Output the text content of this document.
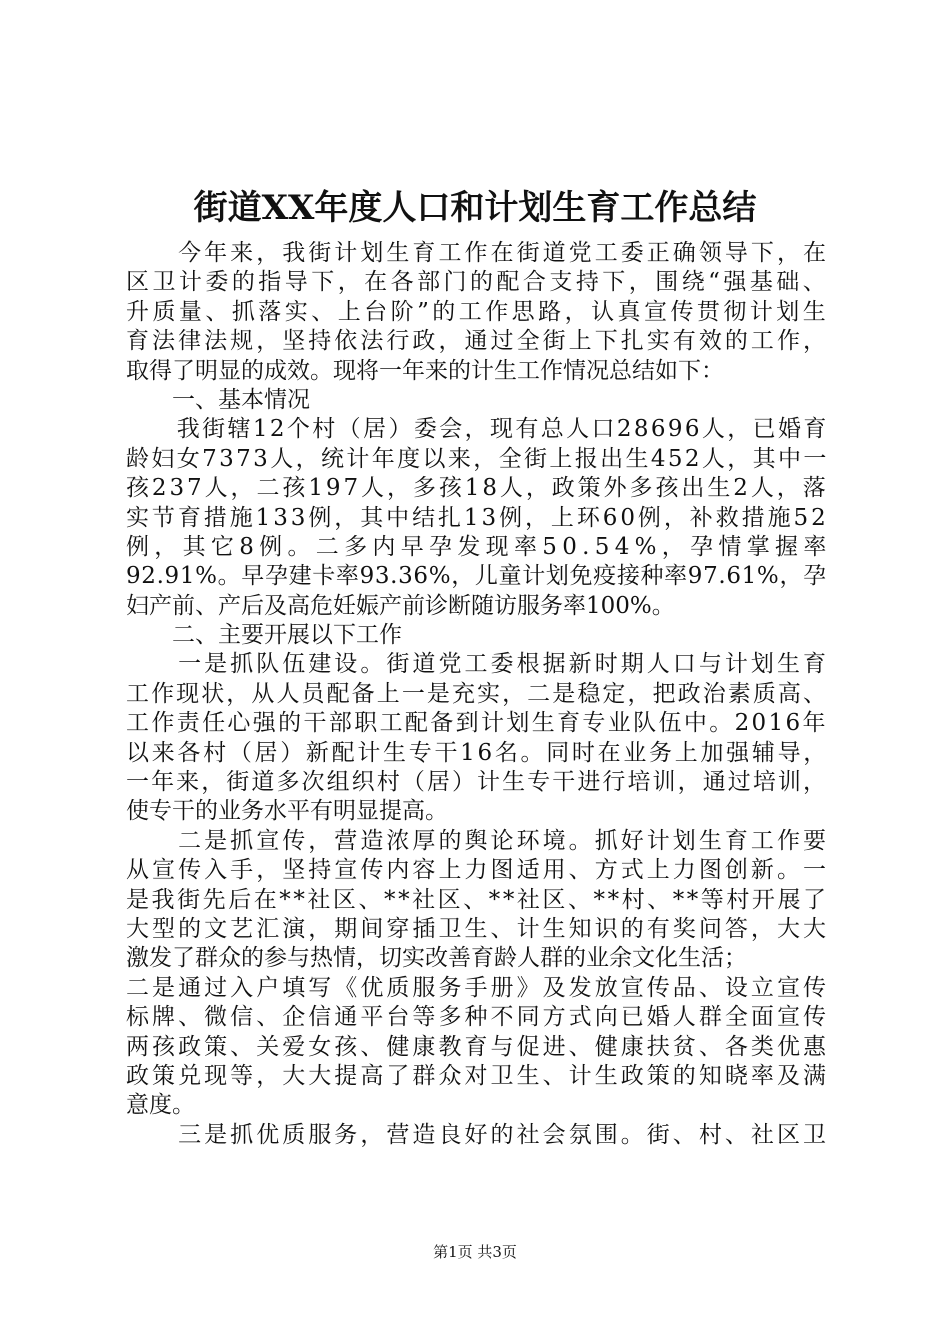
街道XX年度人口和计划生育工作总结
　　今年来，我街计划生育工作在街道党工委正确领导下，在
区卫计委的指导下，在各部门的配合支持下，围绕“强基础、
升质量、抓落实、上台阶”的工作思路，认真宣传贯彻计划生
育法律法规，坚持依法行政，通过全街上下扎实有效的工作，
取得了明显的成效。现将一年来的计生工作情况总结如下：
　　一、基本情况
　　我街辖12个村（居）委会，现有总人口28696人，已婚育
龄妇女7373人，统计年度以来，全街上报出生452人，其中一
孩237人，二孩197人，多孩18人，政策外多孩出生2人，落
实节育措施133例，其中结扎13例，上环60例，补救措施52
例，其它8例。二多内早孕发现率50.54%，孕情掌握率
92.91%。早孕建卡率93.36%，儿童计划免疫接种率97.61%，孕
妇产前、产后及高危妊娠产前诊断随访服务率100%。
　　二、主要开展以下工作
　　一是抓队伍建设。街道党工委根据新时期人口与计划生育
工作现状，从人员配备上一是充实，二是稳定，把政治素质高、
工作责任心强的干部职工配备到计划生育专业队伍中。2016年
以来各村（居）新配计生专干16名。同时在业务上加强辅导，
一年来，街道多次组织村（居）计生专干进行培训，通过培训，
使专干的业务水平有明显提高。
　　二是抓宣传，营造浓厚的舆论环境。抓好计划生育工作要
从宣传入手，坚持宣传内容上力图适用、方式上力图创新。一
是我街先后在**社区、**社区、**社区、**村、**等村开展了
大型的文艺汇演，期间穿插卫生、计生知识的有奖问答，大大
激发了群众的参与热情，切实改善育龄人群的业余文化生活；
二是通过入户填写《优质服务手册》及发放宣传品、设立宣传
标牌、微信、企信通平台等多种不同方式向已婚人群全面宣传
两孩政策、关爱女孩、健康教育与促进、健康扶贫、各类优惠
政策兑现等，大大提高了群众对卫生、计生政策的知晓率及满
意度。
　　三是抓优质服务，营造良好的社会氛围。街、村、社区卫
第1页 共3页
